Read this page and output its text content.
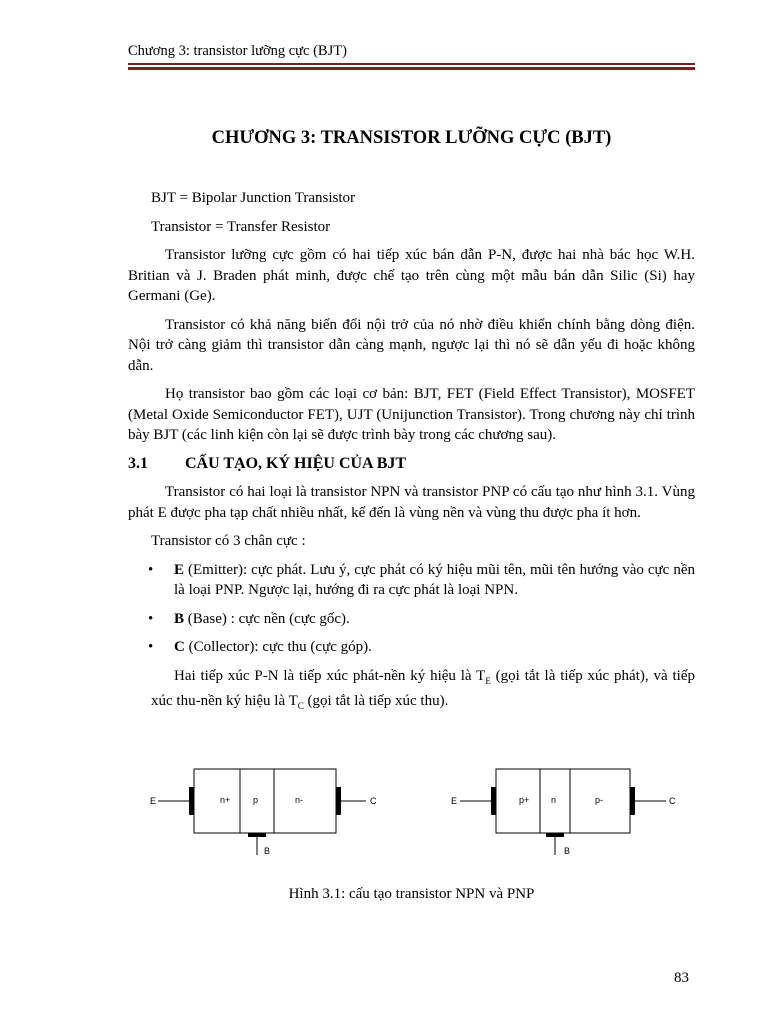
Chương 3: transistor lưỡng cực (BJT)
CHƯƠNG 3: TRANSISTOR LƯỠNG CỰC (BJT)

BJT = Bipolar Junction Transistor

Transistor = Transfer Resistor

Transistor lưỡng cực gồm có hai tiếp xúc bán dẫn P-N, được hai nhà bác học W.H. Britian và J. Braden phát minh, được chế tạo trên cùng một mẫu bán dẫn Silic (Si) hay Germani (Ge).

Transistor có khả năng biến đổi nội trở của nó nhờ điều khiển chính bằng dòng điện. Nội trở càng giảm thì transistor dẫn càng mạnh, ngược lại thì nó sẽ dẫn yếu đi hoặc không dẫn.

Họ transistor bao gồm các loại cơ bản: BJT, FET (Field Effect Transistor), MOSFET (Metal Oxide Semiconductor FET), UJT (Unijunction Transistor). Trong chương này chỉ trình bày BJT (các linh kiện còn lại sẽ được trình bày trong các chương sau).

3.1	CẤU TẠO, KÝ HIỆU CỦA BJT

Transistor có hai loại là transistor NPN và transistor PNP có cấu tạo như hình 3.1. Vùng phát E được pha tạp chất nhiều nhất, kế đến là vùng nền và vùng thu được pha ít hơn.

Transistor có 3 chân cực :

• E (Emitter): cực phát. Lưu ý, cực phát có ký hiệu mũi tên, mũi tên hướng vào cực nền là loại PNP. Ngược lại, hướng đi ra cực phát là loại NPN.
• B (Base) : cực nền (cực gốc).
• C (Collector): cực thu (cực góp).

Hai tiếp xúc P-N là tiếp xúc phát-nền ký hiệu là $T_E$ (gọi tắt là tiếp xúc phát), và tiếp xúc thu-nền ký hiệu là $T_C$ (gọi tắt là tiếp xúc thu).

E	C
B
n+	p	n-	E	C
B
p+ n	p-
Hình 3.1: cấu tạo transistor NPN và PNP
83
